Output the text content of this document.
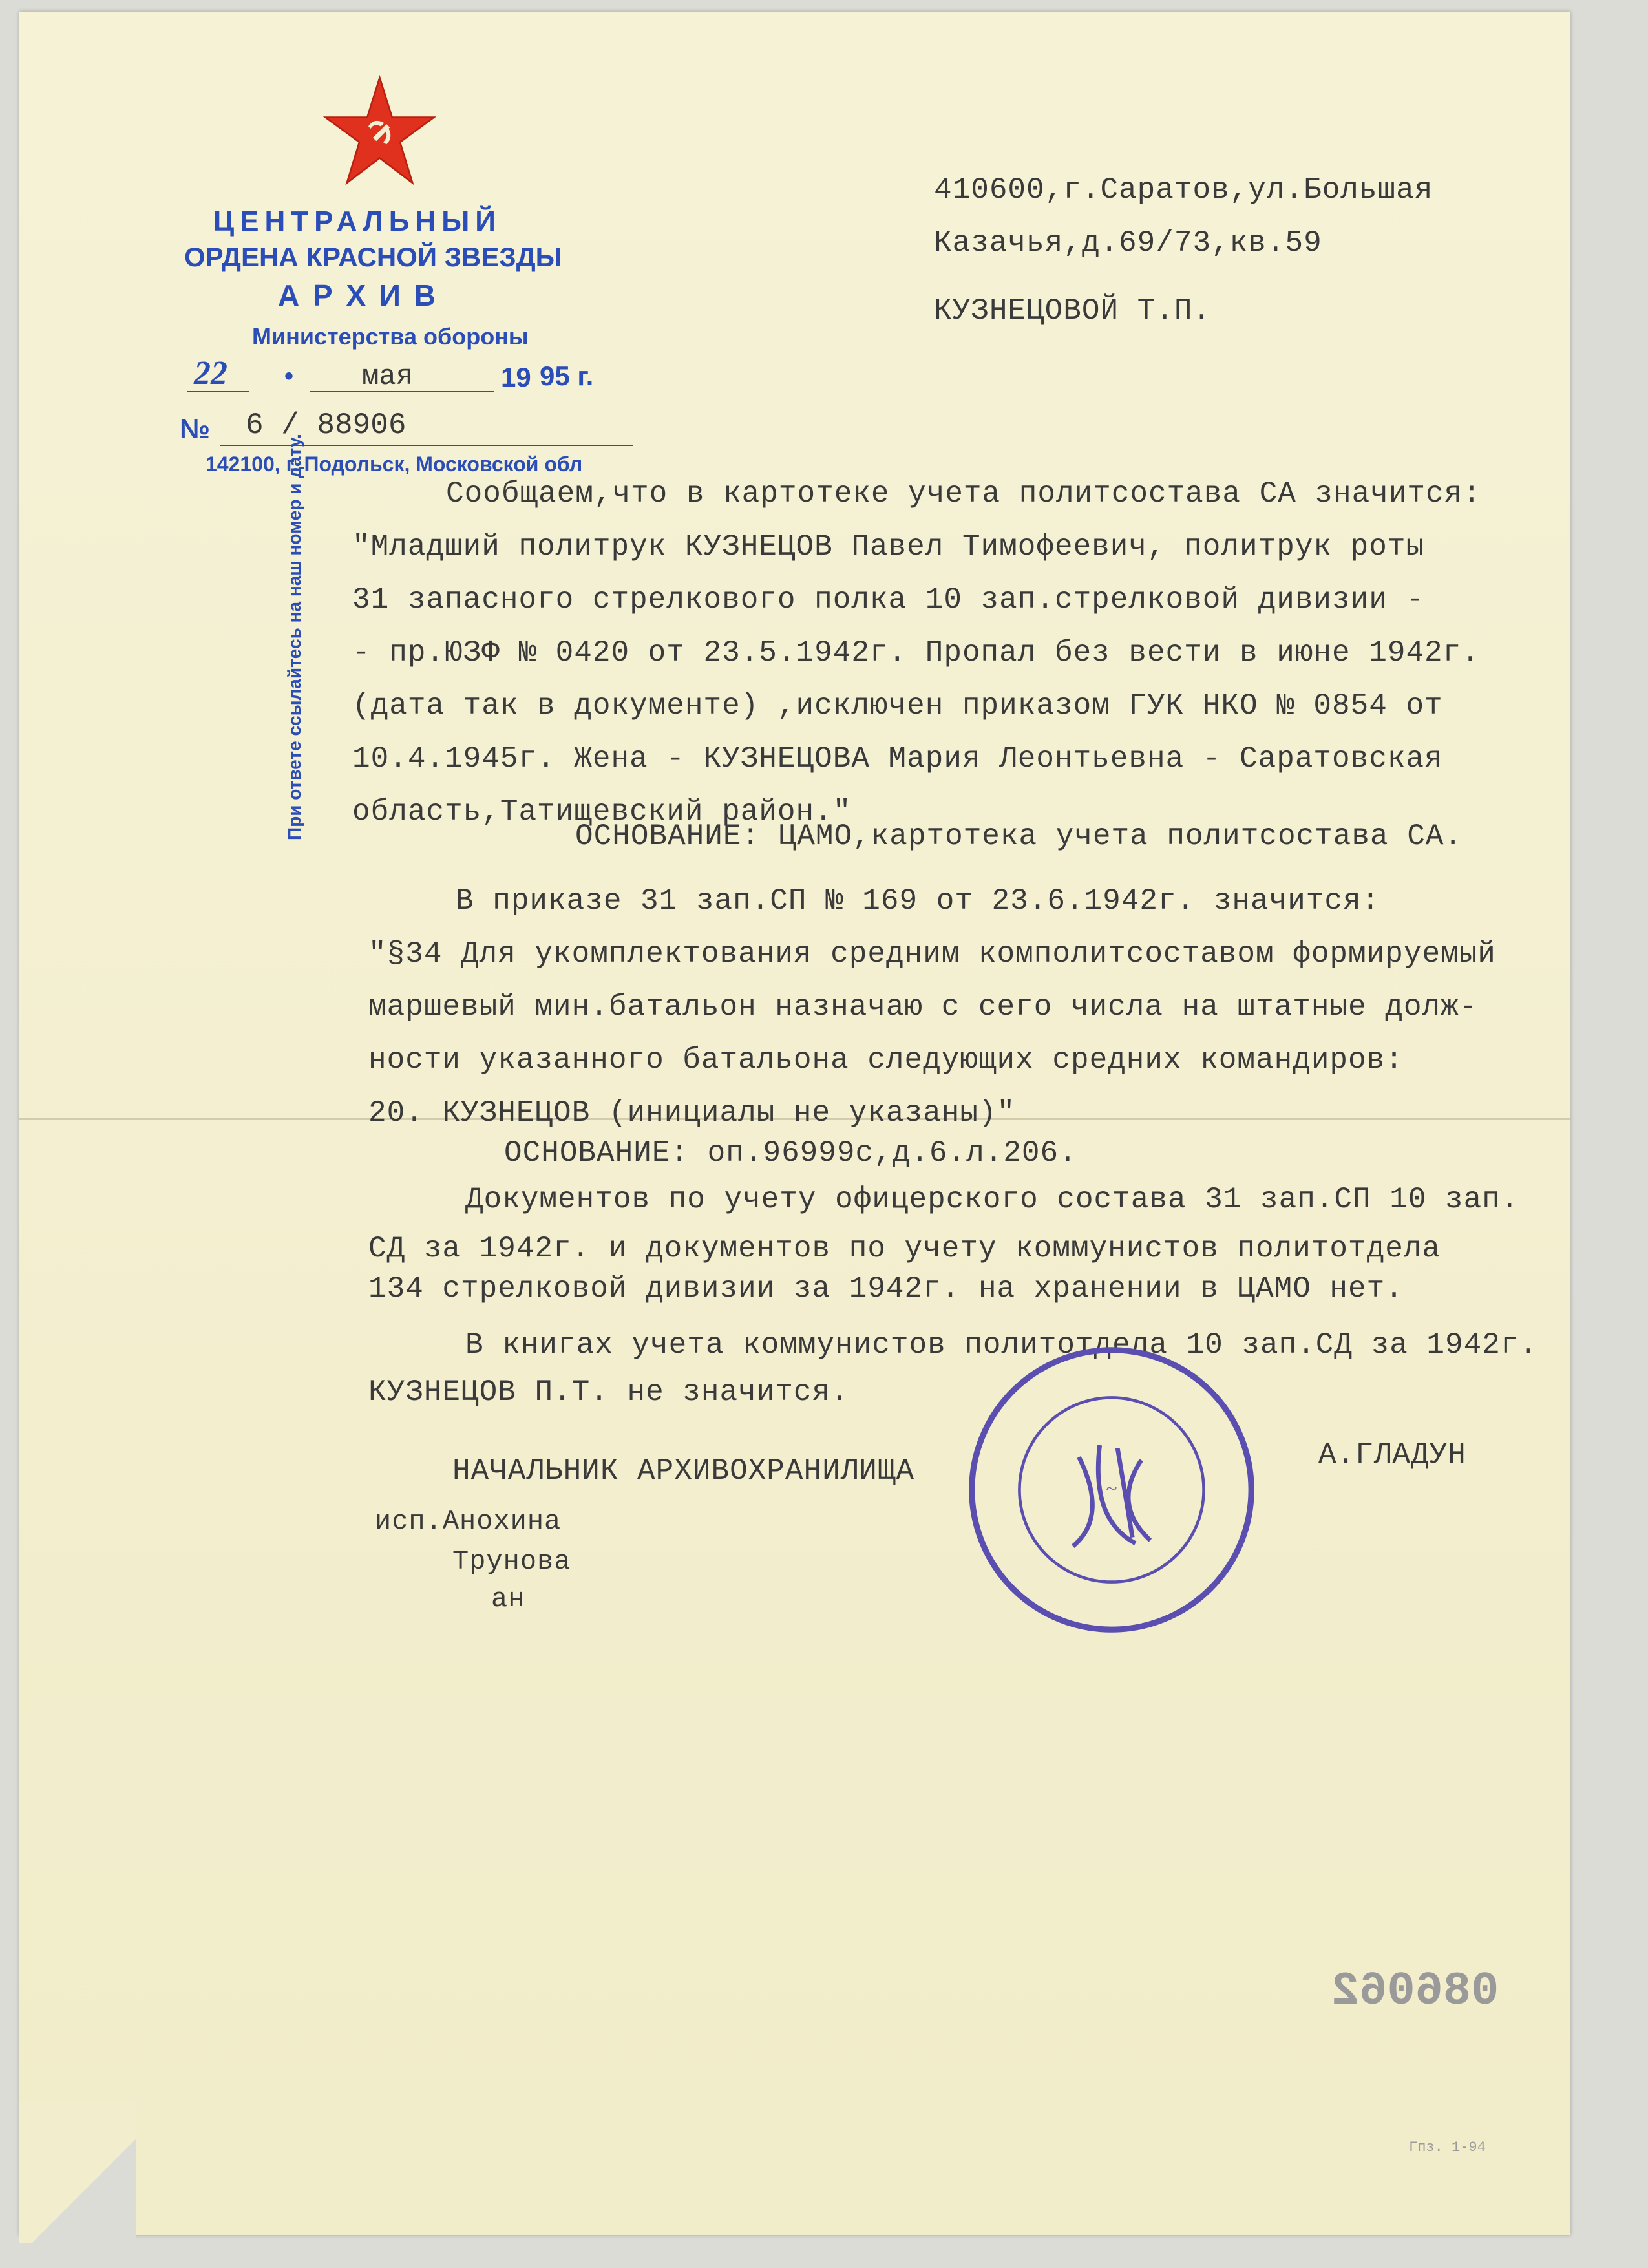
ЦЕНТРАЛЬНЫЙ
ОРДЕНА КРАСНОЙ ЗВЕЗДЫ
А Р Х И В
Министерства обороны
22 • мая	19 95 г.
№ 6 / 88906
142100, г. Подольск, Московской обл
410600,г.Саратов,ул.Большая
Казачья,д.69/73,кв.59
КУЗНЕЦОВОЙ Т.П.
При ответе ссылайтесь на наш номер и дату.	Сообщаем,что в картотеке учета политсостава СА значится:
"Младший политрук КУЗНЕЦОВ Павел Тимофеевич, политрук роты
31 запасного стрелкового полка 10 зап.стрелковой дивизии -
- пр.ЮЗФ № 0420 от 23.5.1942г. Пропал без вести в июне 1942г.
(дата так в документе) ,исключен приказом ГУК НКО № 0854 от
10.4.1945г. Жена - КУЗНЕЦОВА Мария Леонтьевна - Саратовская
область,Татищевский район."
ОСНОВАНИЕ: ЦАМО,картотека учета политсостава СА.
В приказе 31 зап.СП № 169 от 23.6.1942г. значится:
"§34 Для укомплектования средним комполитсоставом формируемый
маршевый мин.батальон назначаю с сего числа на штатные долж-
ности указанного батальона следующих средних командиров:
20. КУЗНЕЦОВ (инициалы не указаны)"
ОСНОВАНИЕ: оп.96999с,д.6.л.206.
Документов по учету офицерского состава 31 зап.СП 10 зап.
СД за 1942г. и документов по учету коммунистов политотдела
134 стрелковой дивизии за 1942г. на хранении в ЦАМО нет.
В книгах учета коммунистов политотдела 10 зап.СД за 1942г.
КУЗНЕЦОВ П.Т. не значится.
НАЧАЛЬНИК АРХИВОХРАНИЛИЩА	А.ГЛАДУН
исп.Анохина
Трунова
ан
~
086062
Гпз. 1-94
